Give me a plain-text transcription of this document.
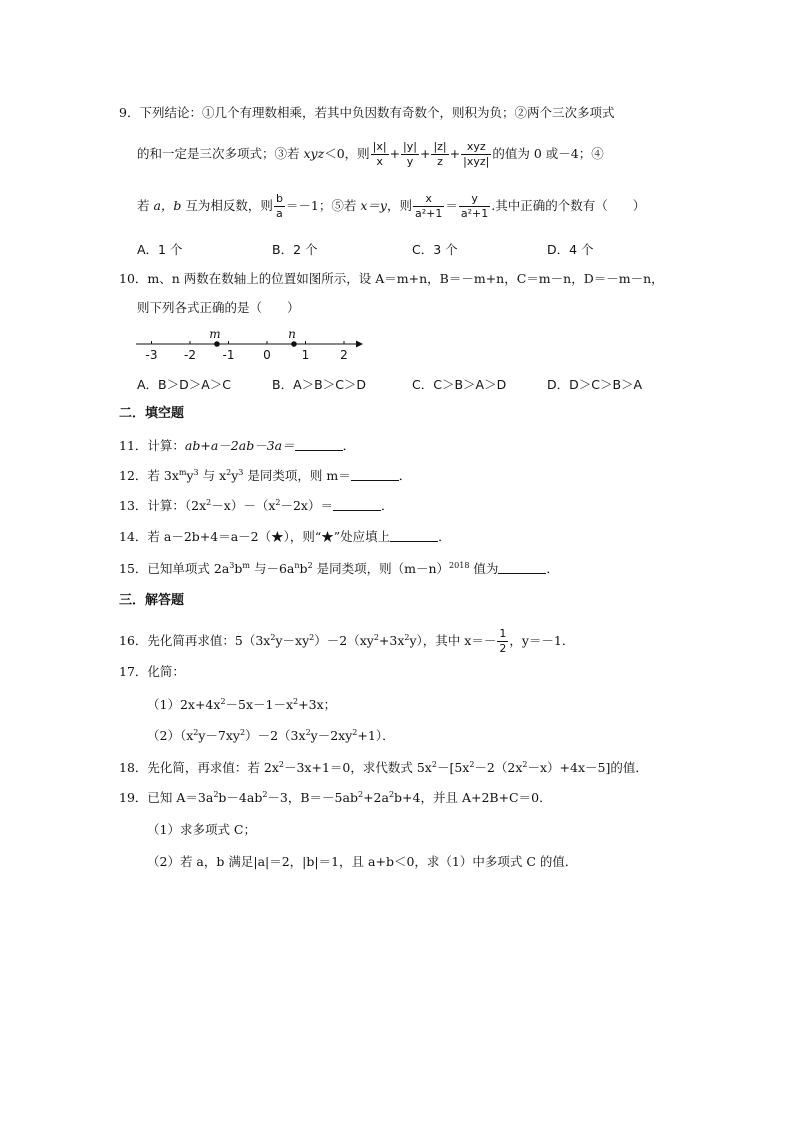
9．下列结论：①几个有理数相乘，若其中负因数有奇数个，则积为负；②两个三次多项式
的和一定是三次多项式；③若 xyz＜0，则 $\frac{|x|}{x} + \frac{|y|}{y} + \frac{|z|}{z} + \frac{\text{xyz}}{\text{|xyz|}}$ 的值为 0 或－4；④
若 a，b 互为相反数，则 $\frac{b}{a} =-1$；⑤若 x＝y，则 $\frac{x}{\text{a²+1}} = \frac{y}{\text{a²+1}}$ .其中正确的个数有（　　）
A．1 个	B．2 个	C．3 个	D．4 个
10．m、n 两数在数轴上的位置如图所示，设 A＝m+n，B＝－m+n，C＝m－n，D＝－m－n，
则下列各式正确的是（　　）
-3 -2 -1 0	1	2
m	n
A．B＞D＞A＞C	B．A＞B＞C＞D	C．C＞B＞A＞D	D．D＞C＞B＞A
二．填空题
11．计算：ab+a－2ab－3a＝	．
12．若 $3x^my^3$ 与 $x^2y^3$ 是同类项，则 m＝	．
13．计算：$(2x^2-x)-(x^2-2x)=$	．
14．若 a－2b+4＝a－2（★），则“★”处应填上	．
15．已知单项式 $2a^3b^m$ 与$-6a^nb^2$ 是同类项，则$(m-n)^{2018}$ 值为	．
三．解答题
16．先化简再求值：$5(3x^2y-xy^2)-2(xy^2+3x^2y)$，其中 $x=- \frac{1}{2}$ ，y＝－1．
17．化简：
$(1)2x+4x^2-5x-1-x^2+3x$；
$(2)(x^2y-7xy^2)-2(3x^2y-2xy^2+1)$．
18．先化简，再求值：若 $2x^2-3x+1=0$，求代数式 $5x^2-[5x^2-2(2x^2-x)+4x-5]$的值．
19．已知 $A=3a^2b-4ab^2-3$，$B=-5ab^2+2a^2b+4$，并且 A+2B+C＝0．
（1）求多项式 C；
（2）若 a，b 满足|a|＝2，|b|＝1，且 a+b＜0，求（1）中多项式 C 的值．
